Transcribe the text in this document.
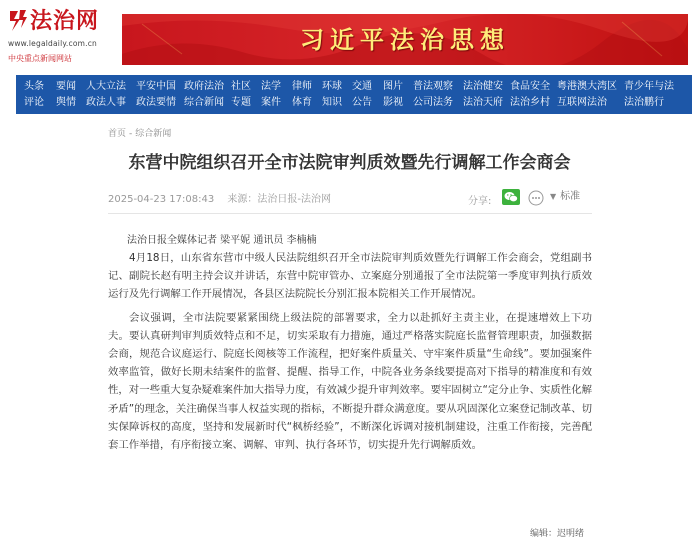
法治网
www.legaldaily.com.cn
中央重点新闻网站
习近平法治思想
头条 要闻 人大立法 平安中国 政府法治 社区 法学 律师 环球 交通 图片 普法观察 法治健安 食品安全 粤港澳大湾区 青少年与法
评论 舆情 政法人事 政法要情 综合新闻 专题 案件 体育 知识 公告 影视 公司法务 法治天府 法治乡村 互联网法治 法治鹏行
首页 - 综合新闻
东营中院组织召开全市法院审判质效暨先行调解工作会商会
2025-04-23 17:08:43 来源：法治日报-法治网	分享:	▼ 标准
法治日报全媒体记者 梁平妮 通讯员 李楠楠

4月18日，山东省东营市中级人民法院组织召开全市法院审判质效暨先行调解工作会商会，党组副书记、副院长赵有明主持会议并讲话，东营中院审管办、立案庭分别通报了全市法院第一季度审判执行质效运行及先行调解工作开展情况，各县区法院院长分别汇报本院相关工作开展情况。

会议强调，全市法院要紧紧围绕上级法院的部署要求，全力以赴抓好主责主业，在提速增效上下功夫。要认真研判审判质效特点和不足，切实采取有力措施，通过严格落实院庭长监督管理职责，加强数据会商，规范合议庭运行、院庭长阅核等工作流程，把好案件质量关、守牢案件质量“生命线”。要加强案件效率监管，做好长期未结案件的监督、提醒、指导工作，中院各业务条线要提高对下指导的精准度和有效性，对一些重大复杂疑难案件加大指导力度，有效减少提升审判效率。要牢固树立“定分止争、实质性化解矛盾”的理念，关注确保当事人权益实现的指标，不断提升群众满意度。要从巩固深化立案登记制改革、切实保障诉权的高度，坚持和发展新时代“枫桥经验”，不断深化诉调对接机制建设，注重工作衔接，完善配套工作举措，有序衔接立案、调解、审判、执行各环节，切实提升先行调解质效。

编辑：迟明绪
